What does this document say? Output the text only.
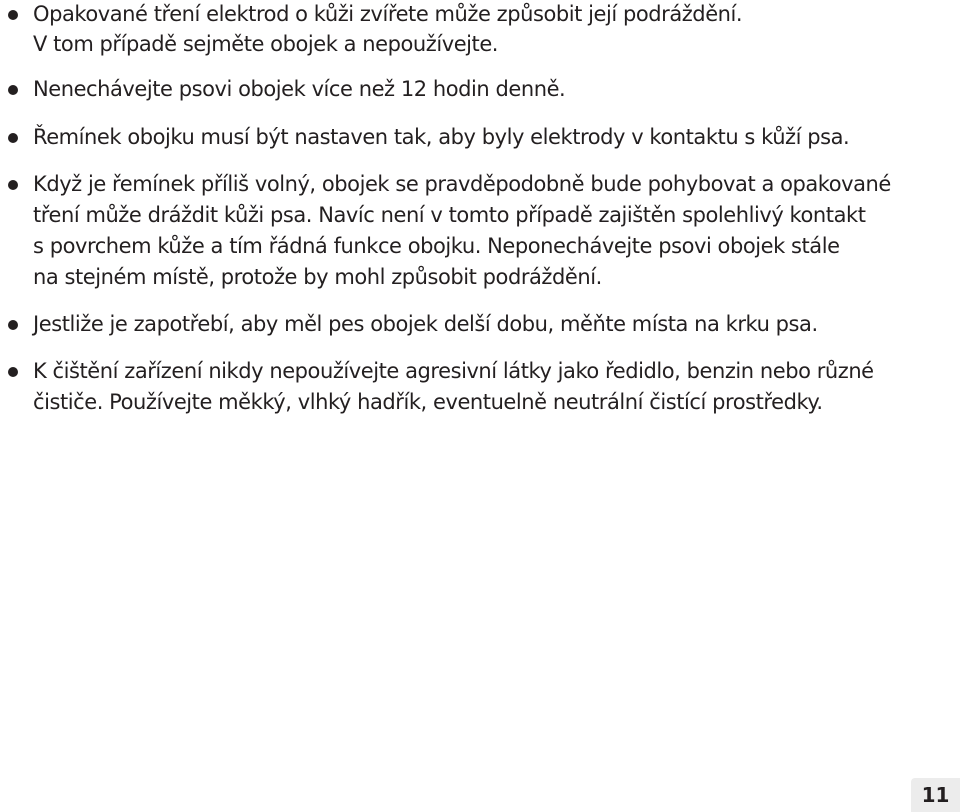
Opakované tření elektrod o kůži zvířete může způsobit její podráždění.
V tom případě sejměte obojek a nepoužívejte.
Nenechávejte psovi obojek více než 12 hodin denně.
Řemínek obojku musí být nastaven tak, aby byly elektrody v kontaktu s kůží psa.
Když je řemínek příliš volný, obojek se pravděpodobně bude pohybovat a opakované
tření může dráždit kůži psa. Navíc není v tomto případě zajištěn spolehlivý kontakt
s povrchem kůže a tím řádná funkce obojku. Neponechávejte psovi obojek stále
na stejném místě, protože by mohl způsobit podráždění.
Jestliže je zapotřebí, aby měl pes obojek delší dobu, měňte místa na krku psa.
K čištění zařízení nikdy nepoužívejte agresivní látky jako ředidlo, benzin nebo různé
čističe. Používejte měkký, vlhký hadřík, eventuelně neutrální čistící prostředky.
11
